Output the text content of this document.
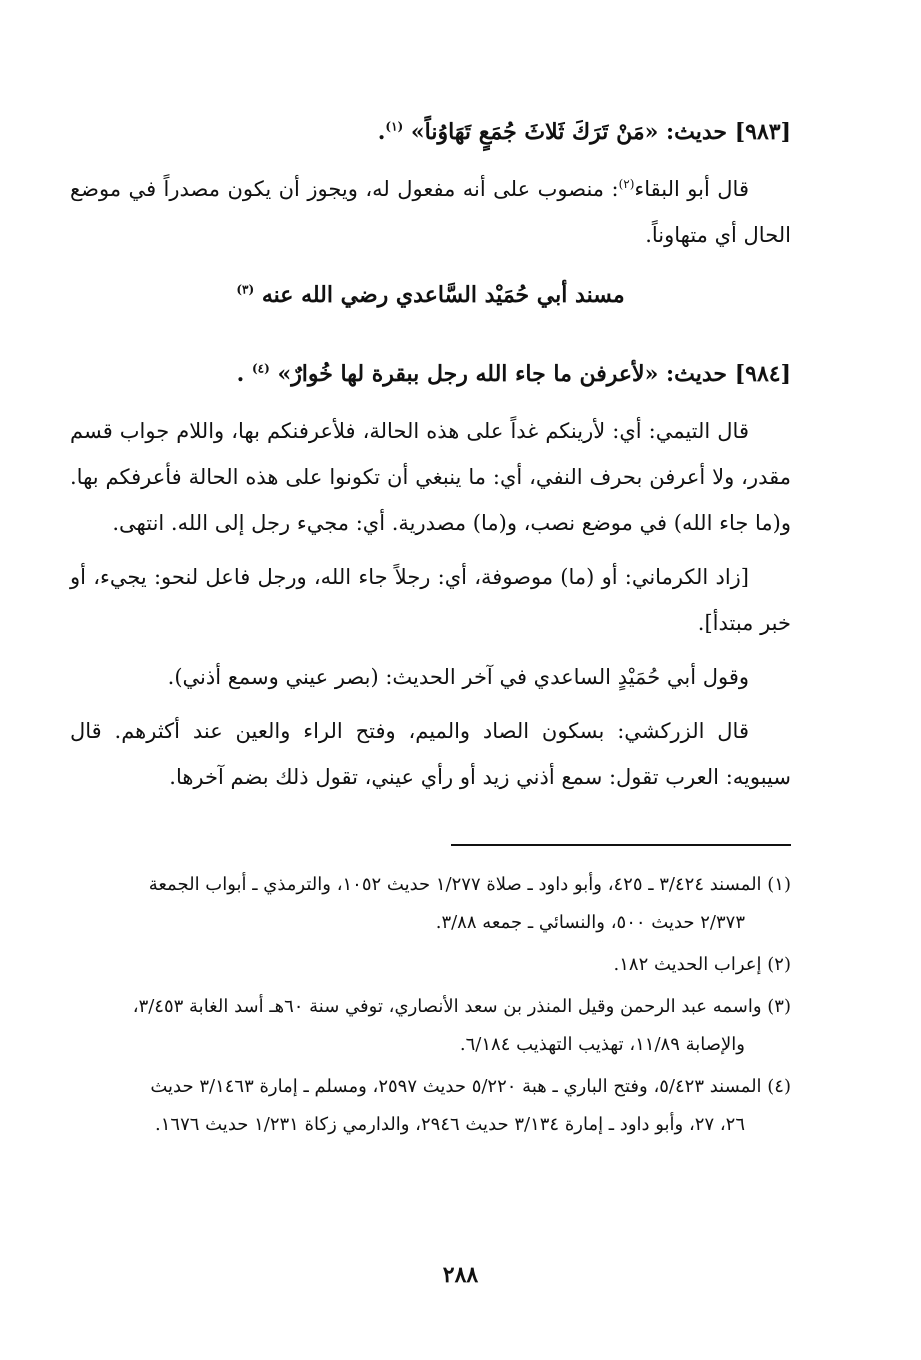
[٩٨٣] حديث: «مَنْ تَرَكَ ثَلاثَ جُمَعٍ تَهَاوُناً» $^{(١)}$.

قال أبو البقاء$^{(٢)}$: منصوب على أنه مفعول له، ويجوز أن يكون مصدراً في موضع الحال أي متهاوناً.

مسند أبي حُمَيْد السَّاعدي رضي الله عنه $^{(٣)}$

[٩٨٤] حديث: «لأعرفن ما جاء الله رجل ببقرة لها خُوارٌ» $^{(٤)}$ .

قال التيمي: أي: لأرينكم غداً على هذه الحالة، فلأعرفنكم بها، واللام جواب قسم مقدر، ولا أعرفن بحرف النفي، أي: ما ينبغي أن تكونوا على هذه الحالة فأعرفكم بها. و(ما جاء الله) في موضع نصب، و(ما) مصدرية. أي: مجيء رجل إلى الله. انتهى.

[زاد الكرماني: أو (ما) موصوفة، أي: رجلاً جاء الله، ورجل فاعل لنحو: يجيء، أو خبر مبتدأ].

وقول أبي حُمَيْدٍ الساعدي في آخر الحديث: (بصر عيني وسمع أذني).

قال الزركشي: بسكون الصاد والميم، وفتح الراء والعين عند أكثرهم. قال سيبويه: العرب تقول: سمع أذني زيد أو رأي عيني، تقول ذلك بضم آخرها.

(١) المسند ٣/٤٢٤ ـ ٤٢٥، وأبو داود ـ صلاة ١/٢٧٧ حديث ١٠٥٢، والترمذي ـ أبواب الجمعة
٢/٣٧٣ حديث ٥٠٠، والنسائي ـ جمعه ٣/٨٨.

(٢) إعراب الحديث ١٨٢.

(٣) واسمه عبد الرحمن وقيل المنذر بن سعد الأنصاري، توفي سنة ٦٠هـ أسد الغابة ٣/٤٥٣،
والإصابة ١١/٨٩، تهذيب التهذيب ٦/١٨٤.

(٤) المسند ٥/٤٢٣، وفتح الباري ـ هبة ٥/٢٢٠ حديث ٢٥٩٧، ومسلم ـ إمارة ٣/١٤٦٣ حديث
٢٦، ٢٧، وأبو داود ـ إمارة ٣/١٣٤ حديث ٢٩٤٦، والدارمي زكاة ١/٢٣١ حديث ١٦٧٦.

٢٨٨
